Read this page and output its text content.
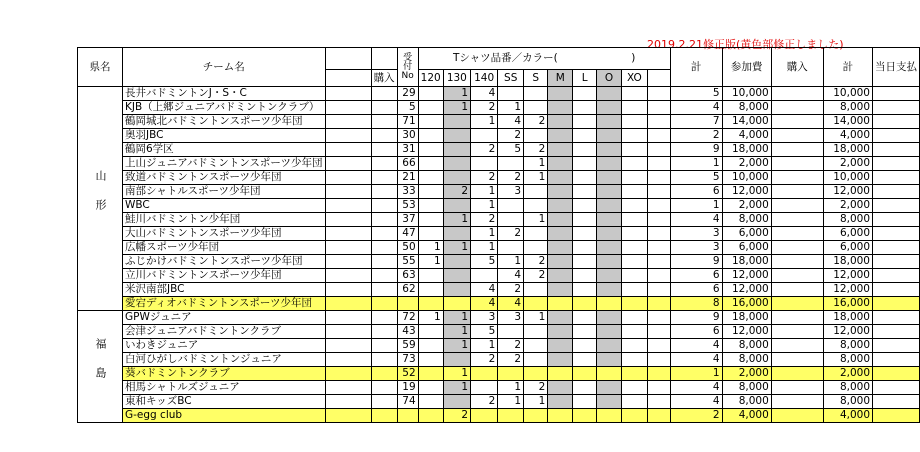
2019.2.21修正版(黄色部修正しました)
県名	チーム名			受付No	Tシャツ品番／カラー(　　　　　　　)										計	参加費	購入	計	当日支払
			購入		120	130	140	SS	S	M	L	O	XO						

山形	長井バドミントンJ・S・C			29		1	4								5	10,000		10,000	
	KJB（上郷ジュニアバドミントンクラブ）			5		1	2	1							4	8,000		8,000	
	鶴岡城北バドミントンスポーツ少年団			71			1	4	2						7	14,000		14,000	
	奥羽JBC			30				2							2	4,000		4,000	
	鶴岡6学区			31			2	5	2						9	18,000		18,000	
	上山ジュニアバドミントンスポーツ少年団			66					1						1	2,000		2,000	
	致道バドミントンスポーツ少年団			21			2	2	1						5	10,000		10,000	
	南部シャトルスポーツ少年団			33		2	1	3							6	12,000		12,000	
	WBC			53			1								1	2,000		2,000	
	鮭川バドミントン少年団			37		1	2		1						4	8,000		8,000	
	大山バドミントンスポーツ少年団			47			1	2							3	6,000		6,000	
	広幡スポーツ少年団			50	1	1	1								3	6,000		6,000	
	ふじかけバドミントンスポーツ少年団			55	1		5	1	2						9	18,000		18,000	
	立川バドミントンスポーツ少年団			63				4	2						6	12,000		12,000	
	米沢南部JBC			62			4	2							6	12,000		12,000	
	愛宕ディオバドミントンスポーツ少年団						4	4							8	16,000		16,000	

福島	GPWジュニア			72	1	1	3	3	1						9	18,000		18,000	
	会津ジュニアバドミントンクラブ			43		1	5								6	12,000		12,000	
	いわきジュニア			59		1	1	2							4	8,000		8,000	
	白河ひがしバドミントンジュニア			73			2	2							4	8,000		8,000	
	葵バドミントンクラブ			52		1									1	2,000		2,000	
	相馬シャトルズジュニア			19		1		1	2						4	8,000		8,000	
	東和キッズBC			74			2	1	1						4	8,000		8,000	
	G-egg club					2									2	4,000		4,000	
